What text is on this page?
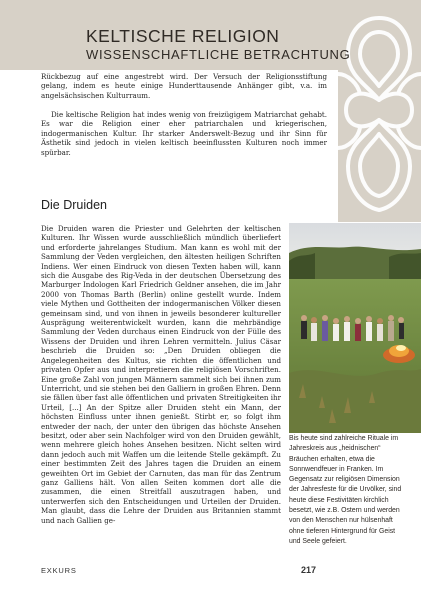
KELTISCHE RELIGION
WISSENSCHAFTLICHE BETRACHTUNG

Rückbezug auf eine angestrebt wird. Der Versuch der Religionsstiftung gelang, indem es heute einige Hunderttausende Anhänger gibt, v.a. im angelsächsischen Kulturraum.

Die keltische Religion hat indes wenig von freizügigem Matriarchat gehabt. Es war die Religion einer eher patriarchalen und kriegerischen, indogermanischen Kultur. Ihr starker Anderswelt-Bezug und ihr Sinn für Ästhetik sind jedoch in vielen keltisch beeinflussten Kulturen noch immer spürbar.

Die Druiden

Die Druiden waren die Priester und Gelehrten der keltischen Kulturen. Ihr Wissen wurde ausschließlich mündlich überliefert und erforderte jahrelanges Studium. Man kann es wohl mit der Sammlung der Veden vergleichen, den ältesten heiligen Schriften Indiens. Wer einen Eindruck von diesen Texten haben will, kann sich die Ausgabe des Rig-Veda in der deutschen Übersetzung des Marburger Indologen Karl Friedrich Geldner ansehen, die im Jahr 2000 von Thomas Barth (Berlin) online gestellt wurde. Indem viele Mythen und Gottheiten der indogermanischen Völker diesen gemeinsam sind, und von ihnen in jeweils besonderer kultureller Ausprägung weiterentwickelt wurden, kann die mehrbändige Sammlung der Veden durchaus einen Eindruck von der Fülle des Wissens der Druiden und ihren Lehren vermitteln. Julius Cäsar beschrieb die Druiden so: „Den Druiden obliegen die Angelegenheiten des Kultus, sie richten die öffentlichen und privaten Opfer aus und interpretieren die religiösen Vorschriften. Eine große Zahl von jungen Männern sammelt sich bei ihnen zum Unterricht, und sie stehen bei den Galliern in großen Ehren. Denn sie fällen über fast alle öffentlichen und privaten Streitigkeiten ihr Urteil, [...] An der Spitze aller Druiden steht ein Mann, der höchsten Einfluss unter ihnen genießt. Stirbt er, so folgt ihm entweder der nach, der unter den übrigen das höchste Ansehen besitzt, oder aber sein Nachfolger wird von den Druiden gewählt, wenn mehrere gleich hohes Ansehen besitzen. Nicht selten wird dann jedoch auch mit Waffen um die leitende Stelle gekämpft. Zu einer bestimmten Zeit des Jahres tagen die Druiden an einem geweihten Ort im Gebiet der Carnuten, das man für das Zentrum ganz Galliens hält. Von allen Seiten kommen dort alle die zusammen, die einen Streitfall auszutragen haben, und unterwerfen sich den Entscheidungen und Urteilen der Druiden. Man glaubt, dass die Lehre der Druiden aus Britannien stammt und nach Gallien ge-

Bis heute sind zahlreiche Rituale im Jahreskreis aus „heidnischen“ Bräuchen erhalten, etwa die Sonnwendfeuer in Franken. Im Gegensatz zur religiösen Dimension der Jahresfeste für die Urvölker, sind heute diese Festivitäten kirchlich besetzt, wie z.B. Ostern und werden von den Menschen nur hülsenhaft ohne tieferen Hintergrund für Geist und Seele gefeiert.

EXKURS	217
